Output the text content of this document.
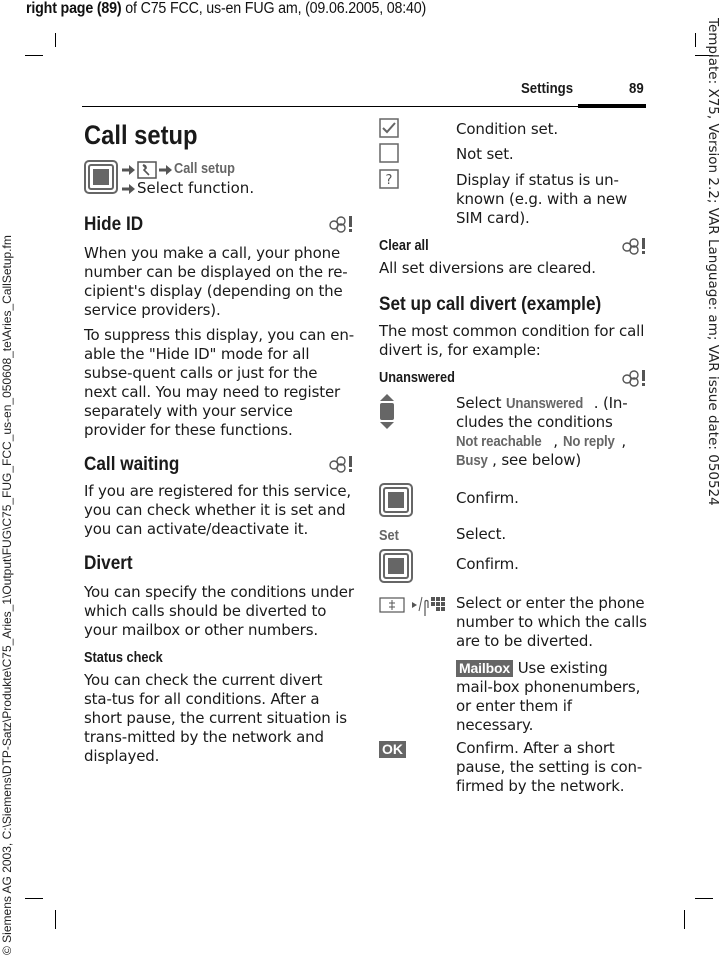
right page (89) of C75 FCC, us-en FUG am, (09.06.2005, 08:40)
Template: X75, Version 2.2; VAR Language: am; VAR issue date: 050524
© Siemens AG 2003, C:\Siemens\DTP-Satz\Produkte\C75_Aries_1\Output\FUG\C75_FUG_FCC_us-en_050608_te\Aries_CallSetup.fm
Settings	89
Call setup
Call setup
Select function.
Hide ID

When you make a call, your phone number can be displayed on the re-cipient's display (depending on the service providers).

To suppress this display, you can en-able the "Hide ID" mode for all subse-quent calls or just for the next call. You may need to register separately with your service provider for these functions.

Call waiting

If you are registered for this service, you can check whether it is set and you can activate/deactivate it.

Divert

You can specify the conditions under which calls should be diverted to your mailbox or other numbers.

Status check

You can check the current divert sta-tus for all conditions. After a short pause, the current situation is trans-mitted by the network and displayed.

Condition set.
Not set.
?	Display if status is un-known (e.g. with a new SIM card).
Clear all

All set diversions are cleared.

Set up call divert (example)

The most common condition for call divert is, for example:

Unanswered
Select Unanswered . (In-cludes the conditions Not reachable , No reply , Busy , see below)
Confirm.
Set	Select.
Confirm.
Select or enter the phone number to which the calls are to be diverted.
Mailbox Use existing mail-box phonenumbers, or enter them if necessary.
OK	Confirm. After a short pause, the setting is con-firmed by the network.
